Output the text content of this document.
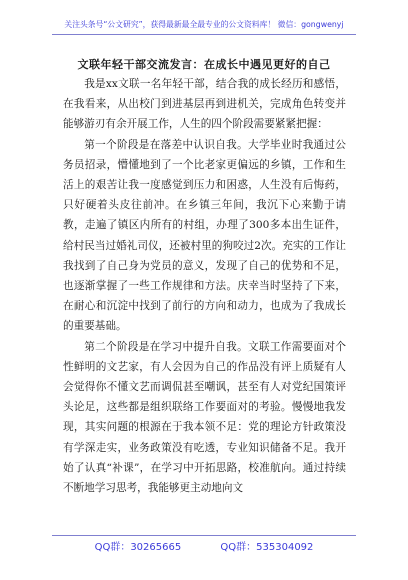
关注头条号“公文研究”，获得最新最全最专业的公文资料库！ 微信：gongwenyj
文联年轻干部交流发言：在成长中遇见更好的自己

我是xx文联一名年轻干部，结合我的成长经历和感悟，在我看来，从出校门到进基层再到进机关，完成角色转变并能够游刃有余开展工作，人生的四个阶段需要紧紧把握：

第一个阶段是在落差中认识自我。大学毕业时我通过公务员招录，懵懂地到了一个比老家更偏远的乡镇，工作和生活上的艰苦让我一度感觉到压力和困惑，人生没有后悔药，只好硬着头皮往前冲。在乡镇三年间，我沉下心来勤于请教，走遍了镇区内所有的村组，办理了300多本出生证件，给村民当过婚礼司仪，还被村里的狗咬过2次。充实的工作让我找到了自己身为党员的意义，发现了自己的优势和不足，也逐渐掌握了一些工作规律和方法。庆幸当时坚持了下来，在耐心和沉淀中找到了前行的方向和动力，也成为了我成长的重要基础。

第二个阶段是在学习中提升自我。文联工作需要面对个性鲜明的文艺家，有人会因为自己的作品没有评上质疑有人会觉得你不懂文艺而调侃甚至嘲讽，甚至有人对党纪国策评头论足，这些都是组织联络工作要面对的考验。慢慢地我发现，其实问题的根源在于我本领不足：党的理论方针政策没有学深走实，业务政策没有吃透，专业知识储备不足。我开始了认真“补课”，在学习中开拓思路，校准航向。通过持续不断地学习思考，我能够更主动地向文

QQ群：30265665	QQ群：535304092
